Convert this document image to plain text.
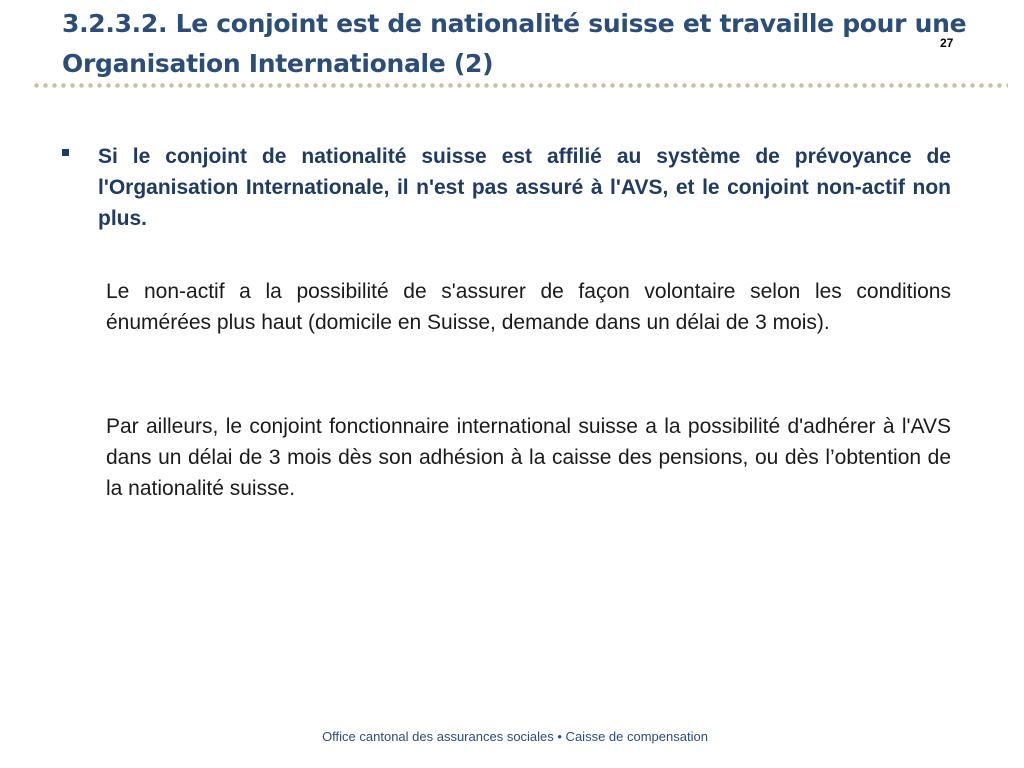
3.2.3.2. Le conjoint est de nationalité suisse et travaille pour une Organisation Internationale (2)
27

Si le conjoint de nationalité suisse est affilié au système de prévoyance de l'Organisation Internationale, il n'est pas assuré à l'AVS, et le conjoint non-actif non plus.

Le non-actif a la possibilité de s'assurer de façon volontaire selon les conditions énumérées plus haut (domicile en Suisse, demande dans un délai de 3 mois).

Par ailleurs, le conjoint fonctionnaire international suisse a la possibilité d'adhérer à l'AVS dans un délai de 3 mois dès son adhésion à la caisse des pensions, ou dès l’obtention de la nationalité suisse.

Office cantonal des assurances sociales • Caisse de compensation
